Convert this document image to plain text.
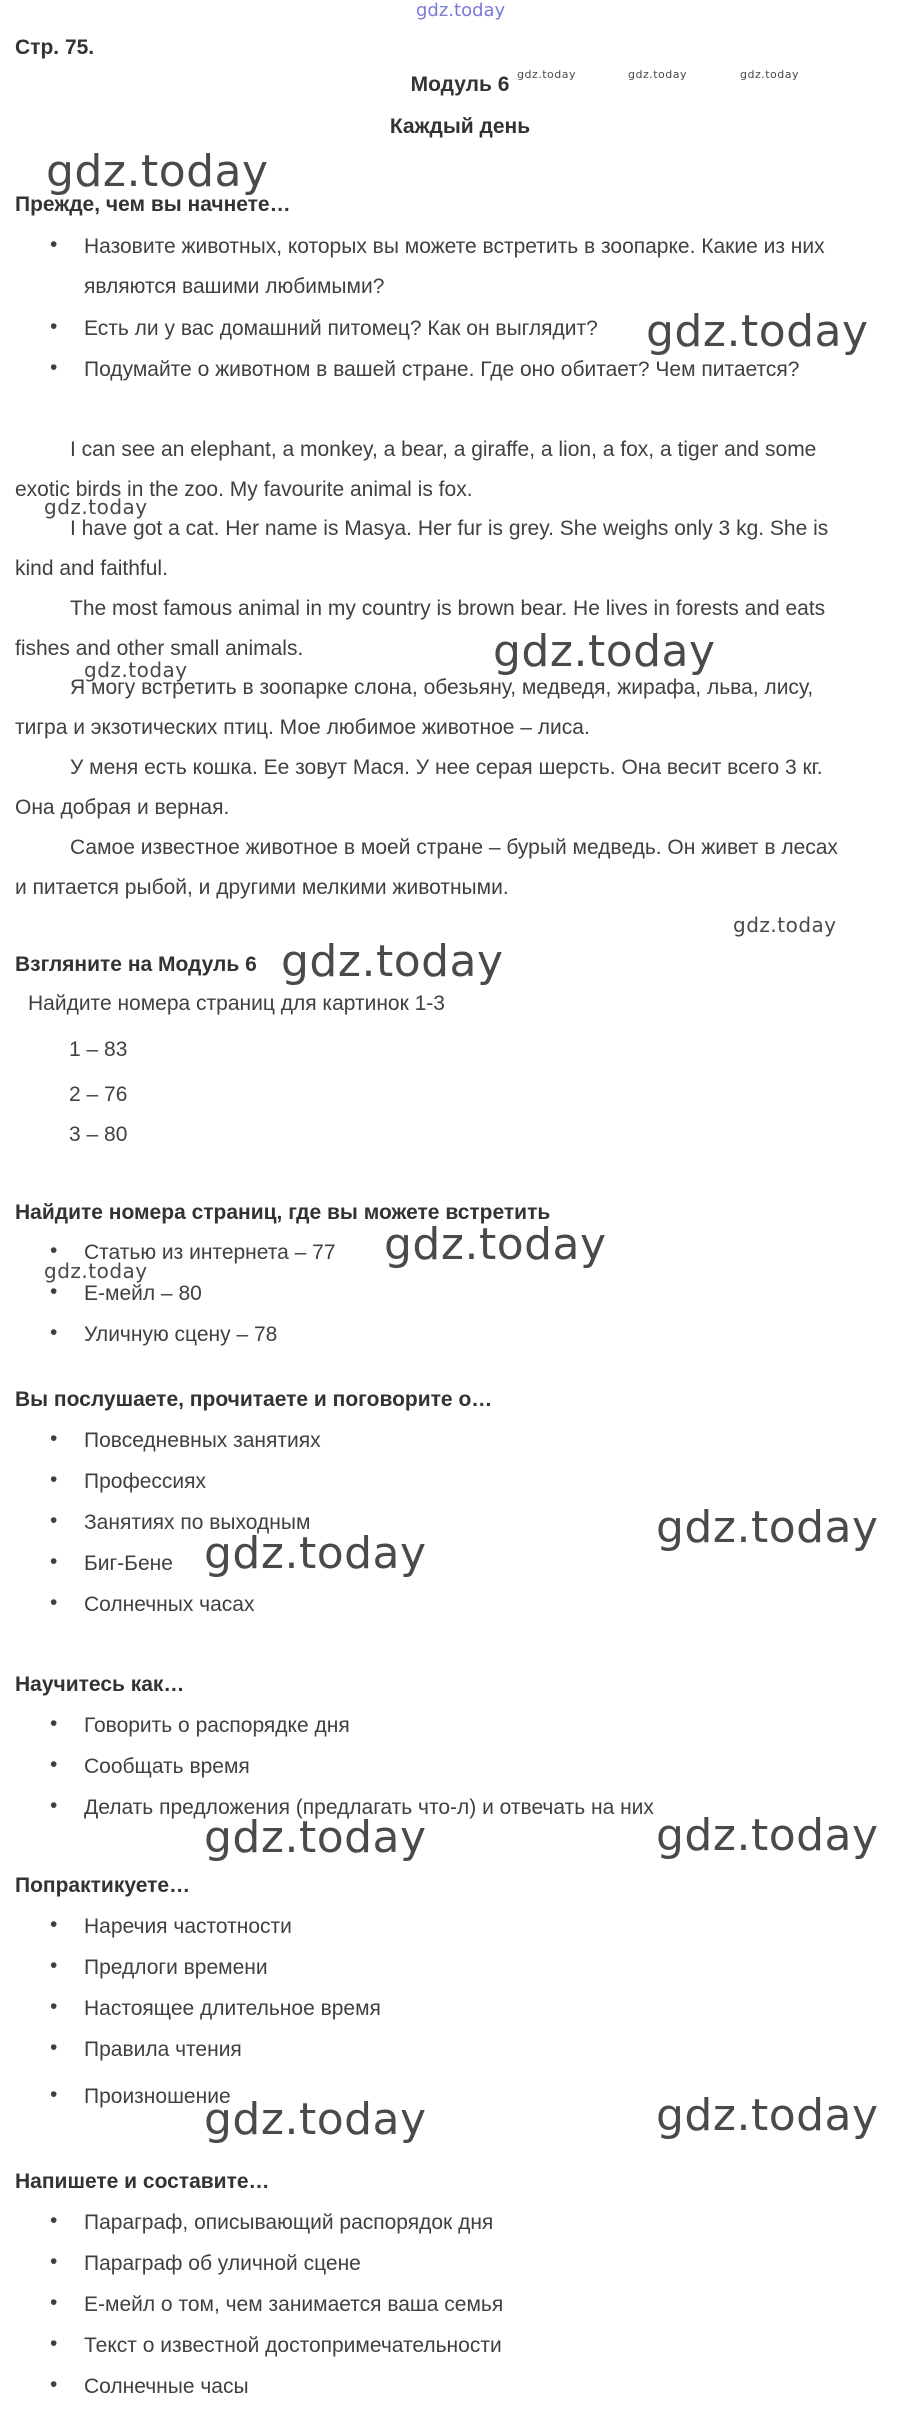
gdz.today
Стр. 75.
Модуль 6
Каждый день
gdz.today	gdz.today	gdz.today
gdz.today
Прежде, чем вы начнете…
• Назовите животных, которых вы можете встретить в зоопарке. Какие из них
являются вашими любимыми?
• Есть ли у вас домашний питомец? Как он выглядит?
• Подумайте о животном в вашей стране. Где оно обитает? Чем питается?
gdz.today
I can see an elephant, a monkey, a bear, a giraffe, a lion, a fox, a tiger and some
exotic birds in the zoo. My favourite animal is fox.
I have got a cat. Her name is Masya. Her fur is grey. She weighs only 3 kg. She is
kind and faithful.
The most famous animal in my country is brown bear. He lives in forests and eats
fishes and other small animals.
gdz.today
gdz.today
gdz.today
Я могу встретить в зоопарке слона, обезьяну, медведя, жирафа, льва, лису,
тигра и экзотических птиц. Мое любимое животное – лиса.
У меня есть кошка. Ее зовут Мася. У нее серая шерсть. Она весит всего 3 кг.
Она добрая и верная.
Самое известное животное в моей стране – бурый медведь. Он живет в лесах
и питается рыбой, и другими мелкими животными.
gdz.today
Взгляните на Модуль 6 gdz.today
Найдите номера страниц для картинок 1-3
1 – 83
2 – 76
3 – 80
Найдите номера страниц, где вы можете встретить
• Статью из интернета – 77 gdz.today
gdz.today
• Е-мейл – 80
• Уличную сцену – 78
Вы послушаете, прочитаете и поговорите о…
• Повседневных занятиях
• Профессиях
• Занятиях по выходным	gdz.today
• Биг-Бене gdz.today
• Солнечных часах
Научитесь как…
• Говорить о распорядке дня
• Сообщать время
• Делать предложения (предлагать что-л) и отвечать на них
gdz.today	gdz.today
Попрактикуете…
• Наречия частотности
• Предлоги времени
• Настоящее длительное время
• Правила чтения
• Произношение
gdz.today	gdz.today
Напишете и составите…
• Параграф, описывающий распорядок дня
• Параграф об уличной сцене
• Е-мейл о том, чем занимается ваша семья
• Текст о известной достопримечательности
• Солнечные часы
